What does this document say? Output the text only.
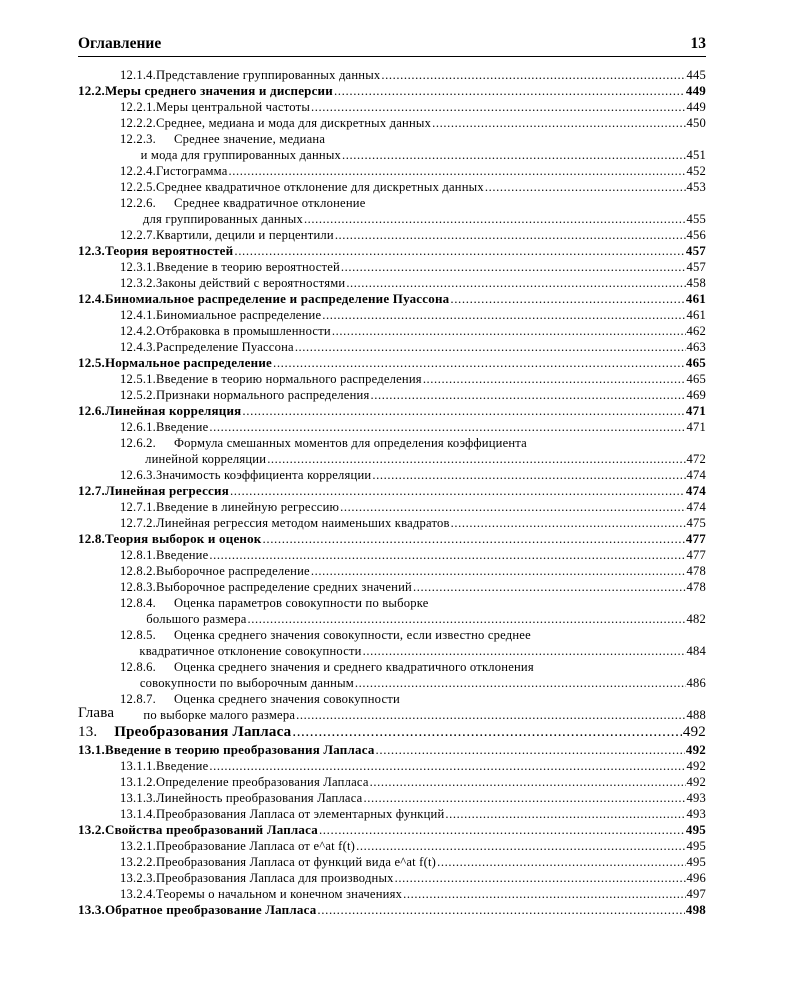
Оглавление	13
12.1.4. Представление группированных данных .....	445
12.2. Меры среднего значения и дисперсии .....	449
12.2.1. Меры центральной частоты .....	449
12.2.2. Среднее, медиана и мода для дискретных данных .....	450
12.2.3.	Среднее значение, медиана
и мода для группированных данных .....	451
12.2.4. Гистограмма .....	452
12.2.5. Среднее квадратичное отклонение для дискретных данных .....	453
12.2.6.	Среднее квадратичное отклонение
для группированных данных .....	455
12.2.7. Квартили, децили и перцентили .....	456
12.3. Теория вероятностей .....	457
12.3.1. Введение в теорию вероятностей .....	457
12.3.2. Законы действий с вероятностями .....	458
12.4. Биномиальное распределение и распределение Пуассона .....	461
12.4.1. Биномиальное распределение .....	461
12.4.2. Отбраковка в промышленности .....	462
12.4.3. Распределение Пуассона .....	463
12.5. Нормальное распределение .....	465
12.5.1. Введение в теорию нормального распределения .....	465
12.5.2. Признаки нормального распределения .....	469
12.6. Линейная корреляция .....	471
12.6.1. Введение .....	471
12.6.2.	Формула смешанных моментов для определения коэффициента
линейной корреляции .....	472
12.6.3. Значимость коэффициента корреляции .....	474
12.7. Линейная регрессия .....	474
12.7.1. Введение в линейную регрессию .....	474
12.7.2. Линейная регрессия методом наименьших квадратов .....	475
12.8. Теория выборок и оценок .....	477
12.8.1. Введение .....	477
12.8.2. Выборочное распределение .....	478
12.8.3. Выборочное распределение средних значений .....	478
12.8.4.	Оценка параметров совокупности по выборке
большого размера .....	482
12.8.5.	Оценка среднего значения совокупности, если известно среднее
квадратичное отклонение совокупности .....	484
12.8.6.	Оценка среднего значения и среднего квадратичного отклонения
совокупности по выборочным данным .....	486
12.8.7.	Оценка среднего значения совокупности
по выборке малого размера .....	488
Глава 13.	Преобразования Лапласа .....	492
13.1. Введение в теорию преобразования Лапласа .....	492
13.1.1. Введение .....	492
13.1.2. Определение преобразования Лапласа .....	492
13.1.3. Линейность преобразования Лапласа .....	493
13.1.4. Преобразования Лапласа от элементарных функций .....	493
13.2. Свойства преобразований Лапласа .....	495
13.2.1. Преобразование Лапласа от e^at f(t) .....	495
13.2.2. Преобразования Лапласа от функций вида e^at f(t) .....	495
13.2.3. Преобразования Лапласа для производных .....	496
13.2.4. Теоремы о начальном и конечном значениях .....	497
13.3. Обратное преобразование Лапласа .....	498
